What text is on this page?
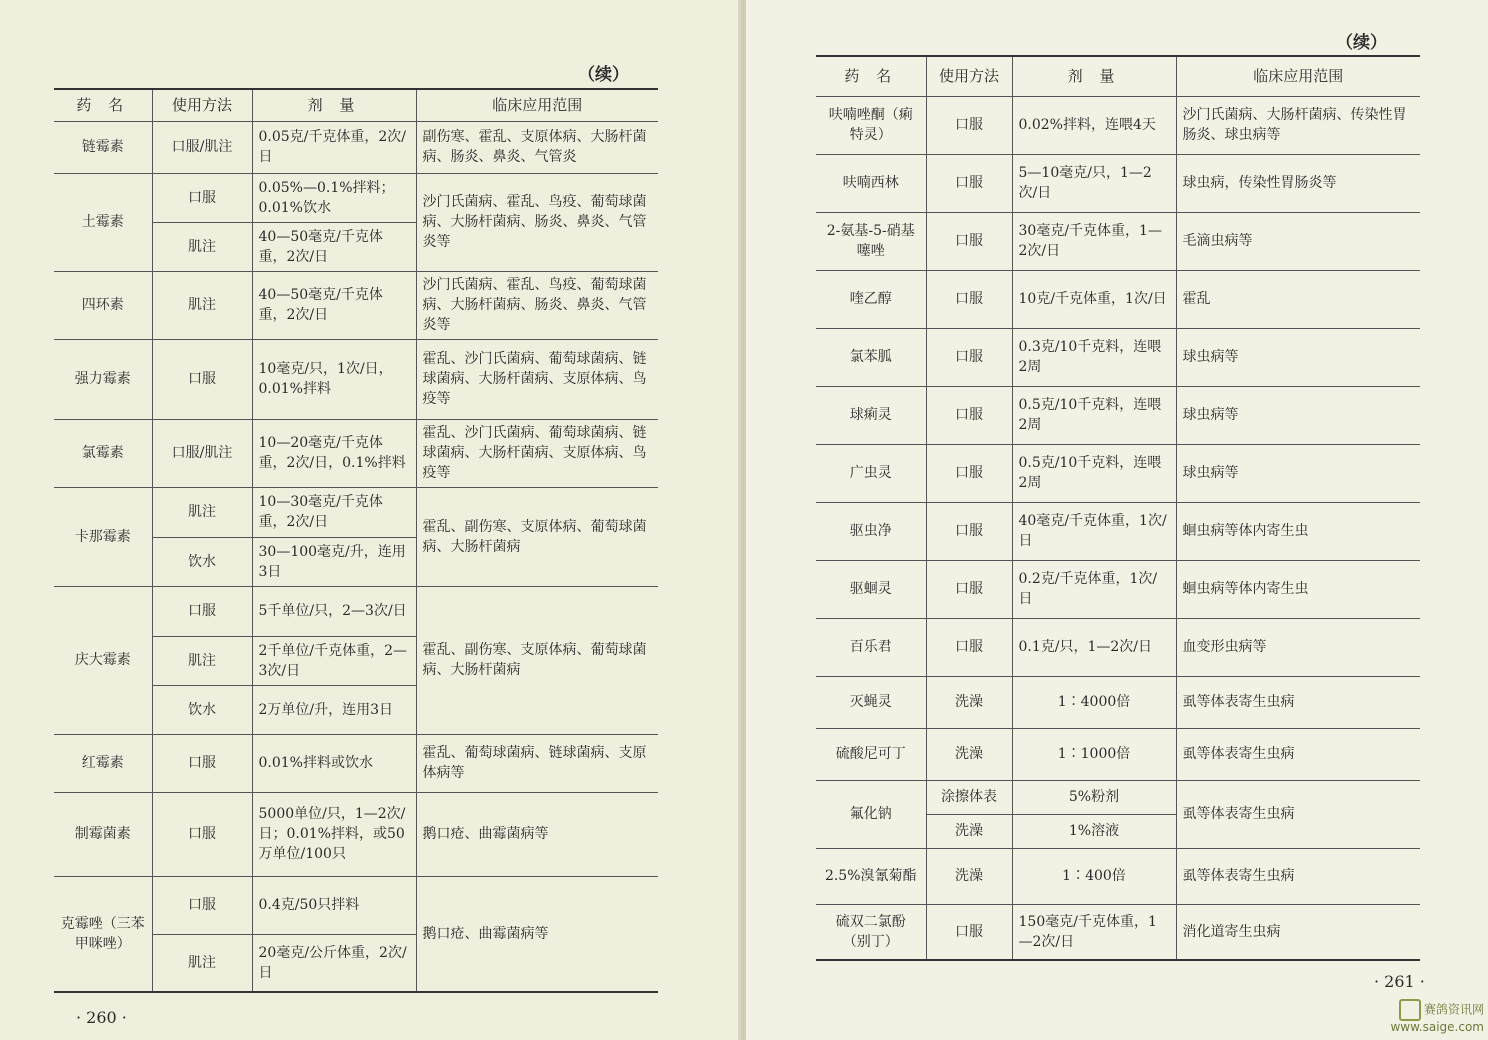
（续）
药 名	使用方法	剂 量	临床应用范围
链霉素	口服/肌注	0.05克/千克体重，2次/日	副伤寒、霍乱、支原体病、大肠杆菌病、肠炎、鼻炎、气管炎
土霉素	口服	0.05%—0.1%拌料；0.01%饮水	沙门氏菌病、霍乱、鸟疫、葡萄球菌病、大肠杆菌病、肠炎、鼻炎、气管炎等
	肌注	40—50毫克/千克体重，2次/日	
四环素	肌注	40—50毫克/千克体重，2次/日	沙门氏菌病、霍乱、鸟疫、葡萄球菌病、大肠杆菌病、肠炎、鼻炎、气管炎等
强力霉素	口服	10毫克/只，1次/日，0.01%拌料	霍乱、沙门氏菌病、葡萄球菌病、链球菌病、大肠杆菌病、支原体病、鸟疫等
氯霉素	口服/肌注	10—20毫克/千克体重，2次/日，0.1%拌料	霍乱、沙门氏菌病、葡萄球菌病、链球菌病、大肠杆菌病、支原体病、鸟疫等
卡那霉素	肌注	10—30毫克/千克体重，2次/日	霍乱、副伤寒、支原体病、葡萄球菌病、大肠杆菌病
	饮水	30—100毫克/升，连用3日	
庆大霉素	口服	5千单位/只，2—3次/日	霍乱、副伤寒、支原体病、葡萄球菌病、大肠杆菌病
	肌注	2千单位/千克体重，2—3次/日	
	饮水	2万单位/升，连用3日	
红霉素	口服	0.01%拌料或饮水	霍乱、葡萄球菌病、链球菌病、支原体病等
制霉菌素	口服	5000单位/只，1—2次/日；0.01%拌料，或50万单位/100只	鹅口疮、曲霉菌病等
克霉唑（三苯甲咪唑）	口服	0.4克/50只拌料	鹅口疮、曲霉菌病等
	肌注	20毫克/公斤体重，2次/日	
· 260 ·
（续）
· 261 ·
药 名	使用方法	剂 量	临床应用范围
呋喃唑酮（痢特灵）	口服	0.02%拌料，连喂4天	沙门氏菌病、大肠杆菌病、传染性胃肠炎、球虫病等
呋喃西林	口服	5—10毫克/只，1—2次/日	球虫病，传染性胃肠炎等
2-氨基-5-硝基噻唑	口服	30毫克/千克体重，1—2次/日	毛滴虫病等
喹乙醇	口服	10克/千克体重，1次/日	霍乱
氯苯胍	口服	0.3克/10千克料，连喂2周	球虫病等
球痢灵	口服	0.5克/10千克料，连喂2周	球虫病等
广虫灵	口服	0.5克/10千克料，连喂2周	球虫病等
驱虫净	口服	40毫克/千克体重，1次/日	蛔虫病等体内寄生虫
驱蛔灵	口服	0.2克/千克体重，1次/日	蛔虫病等体内寄生虫
百乐君	口服	0.1克/只，1—2次/日	血变形虫病等
灭蝇灵	洗澡	1∶4000倍	虱等体表寄生虫病
硫酸尼可丁	洗澡	1∶1000倍	虱等体表寄生虫病
氟化钠	涂擦体表	5%粉剂	虱等体表寄生虫病
	洗澡	1%溶液	
2.5%溴氰菊酯	洗澡	1∶400倍	虱等体表寄生虫病
硫双二氯酚（别丁）	口服	150毫克/千克体重，1—2次/日	消化道寄生虫病
赛鸽资讯网
www.saige.com
